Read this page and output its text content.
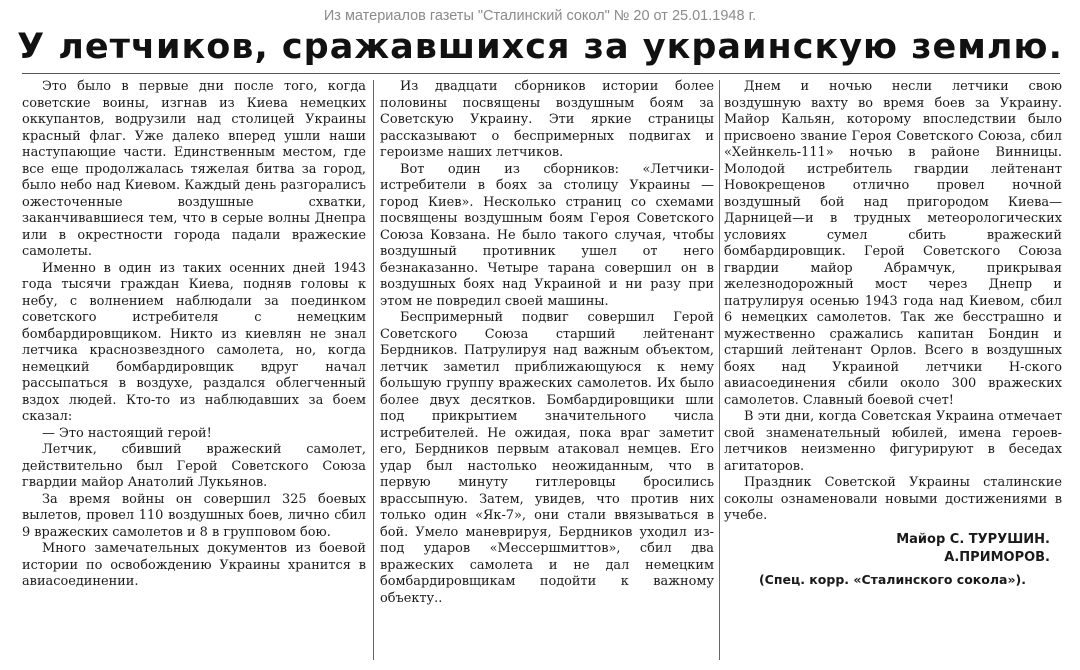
Из материалов газеты "Сталинский сокол" № 20 от 25.01.1948 г.
У летчиков, сражавшихся за украинскую землю.

Это было в первые дни после того, когда советские воины, изгнав из Киева немецких оккупантов, водрузили над столицей Украины красный флаг. Уже далеко вперед ушли наши наступающие части. Единственным местом, где все еще продолжалась тяжелая битва за город, было небо над Киевом. Каждый день разгоралисъ ожесточенные воздушные схватки, заканчивавшиеся тем, что в серые волны Днепра или в окрестности города падали вражеские самолеты.

Именно в один из таких осенних дней 1943 года тысячи граждан Киева, подняв головы к небу, с волнением наблюдали за поединком советского истребителя с немецким бомбардировщиком. Никто из киевлян не знал летчика краснозвездного самолета, но, когда немецкий бомбардировщик вдруг начал рассыпаться в воздухе, раздался облегченный вздох людей. Кто-то из наблюдавших за боем сказал:

— Это настоящий герой!

Летчик, сбивший вражеский самолет, действительно был Герой Советского Союза гвардии майор Анатолий Лукьянов.

За время войны он совершил 325 боевых вылетов, провел 110 воздушных боев, лично сбил 9 вражеских самолетов и 8 в групповом бою.

Много замечательных документов из боевой истории по освобождению Украины хранится в авиасоединении.

Из двадцати сборников истории более половины посвящены воздушным боям за Советскую Украину. Эти яркие страницы рассказывают о беспримерных подвигах и героизме наших летчиков.

Вот один из сборников: «Летчики-истребители в боях за столицу Украины — город Киев». Несколько страниц со схемами посвящены воздушным боям Героя Советского Союза Ковзана. Не было такого случая, чтобы воздушный противник ушел от него безнаказанно. Четыре тарана совершил он в воздушных боях над Украиной и ни разу при этом не повредил своей машины.

Беспримерный подвиг совершил Герой Советского Союза старший лейтенант Бердников. Патрулируя над важным объектом, летчик заметил приближающуюся к нему большую группу вражеских самолетов. Их было более двух десятков. Бомбардировщики шли под прикрытием значительного числа истребителей. Не ожидая, пока враг заметит его, Бердников первым атаковал немцев. Его удар был настолько неожиданным, что в первую минуту гитлеровцы бросились врассыпную. Затем, увидев, что против них только один «Як-7», они стали ввязываться в бой. Умело маневрируя, Бердников уходил из-под ударов «Мессершмиттов», сбил два вражеских самолета и не дал немецким бомбардировщикам подойти к важному объекту..

Днем и ночью несли летчики свою воздушную вахту во время боев за Украину. Майор Кальян, которому впоследствии было присвоено звание Героя Советского Союза, сбил «Хейнкель-111» ночью в районе Винницы. Молодой истребитель гвардии лейтенант Новокрещенов отлично провел ночной воздушный бой над пригородом Киева—Дарницей—и в трудных метеорологических условиях сумел сбить вражеский бомбардировщик. Герой Советского Союза гвардии майор Абрамчук, прикрывая железнодорожный мост через Днепр и патрулируя осенью 1943 года над Киевом, сбил 6 немецких самолетов. Так же бесстрашно и мужественно сражались капитан Бондин и старший лейтенант Орлов. Всего в воздушных боях над Украиной летчики Н-ского авиасоединения сбили около 300 вражеских самолетов. Славный боевой счет!

В эти дни, когда Советская Украина отмечает свой знаменательный юбилей, имена героев-летчиков неизменно фигурируют в беседах агитаторов.

Праздник Советской Украины сталинские соколы ознаменовали новыми достижениями в учебе.

Майор С. ТУРУШИН.
А.ПРИМОРОВ.
(Спец. корр. «Сталинского сокола»).
